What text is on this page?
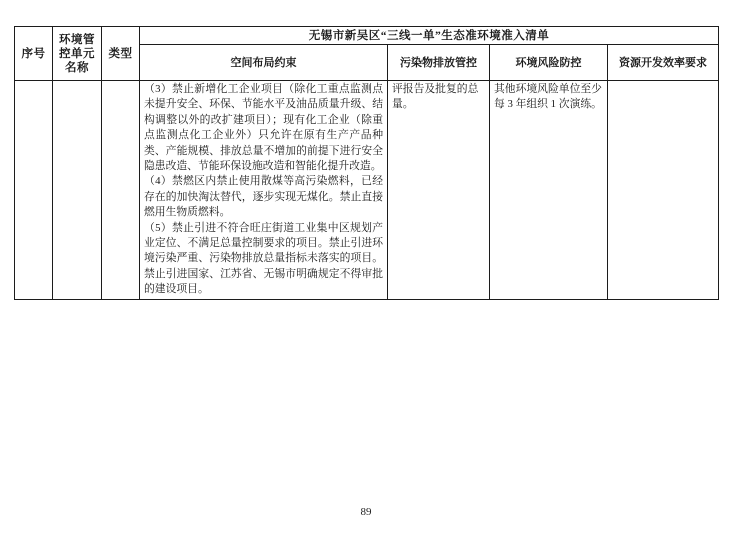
序号	环境管控单元名称	类型	无锡市新吴区“三线一单”生态准环境准入清单			
			空间布局约束	污染物排放管控	环境风险防控	资源开发效率要求

			（3）禁止新增化工企业项目（除化工重点监测点未提升安全、环保、节能水平及油品质量升级、结构调整以外的改扩建项目）；现有化工企业（除重点监测点化工企业外）只允许在原有生产产品种类、产能规模、排放总量不增加的前提下进行安全隐患改造、节能环保设施改造和智能化提升改造。

（4）禁燃区内禁止使用散煤等高污染燃料，已经存在的加快淘汰替代，逐步实现无煤化。禁止直接燃用生物质燃料。

（5）禁止引进不符合旺庄街道工业集中区规划产业定位、不满足总量控制要求的项目。禁止引进环境污染严重、污染物排放总量指标未落实的项目。禁止引进国家、江苏省、无锡市明确规定不得审批的建设项目。	评报告及批复的总量。	其他环境风险单位至少每 3 年组织 1 次演练。	
89
